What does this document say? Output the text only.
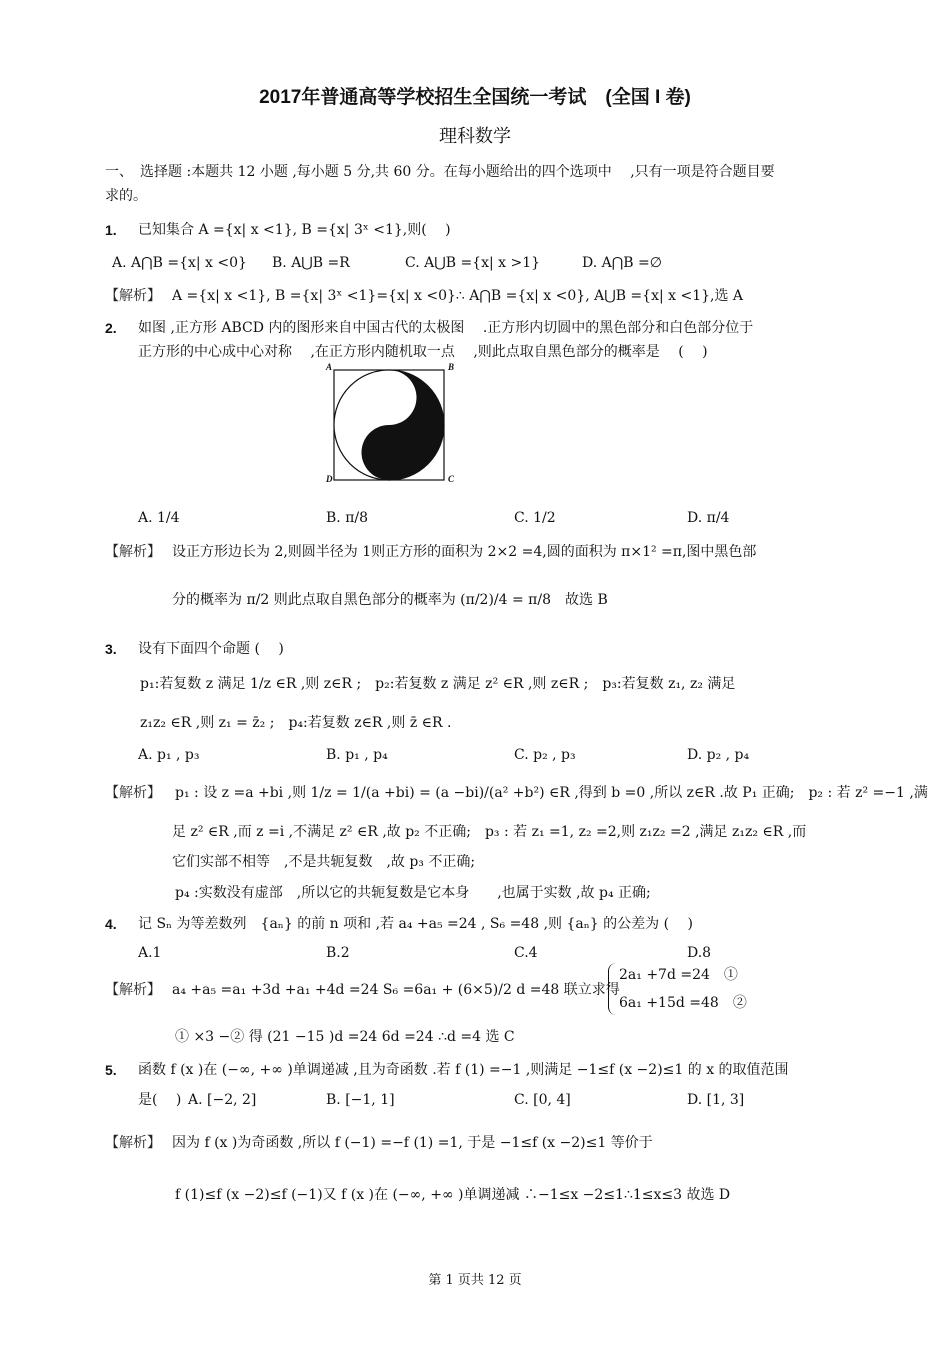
2017年普通高等学校招生全国统一考试　(全国 I 卷)
理科数学
一、　选择题 :本题共 12 小题 ,每小题 5 分,共 60 分。在每小题给出的四个选项中　 ,只有一项是符合题目要
求的。
1. 已知集合 A ={x| x <1}, B ={x| 3ˣ <1},则(　 )
A. A⋂B ={x| x <0} B. A⋃B =R	C. A⋃B ={x| x >1}	D. A⋂B =∅
【解析】 A ={x| x <1}, B ={x| 3ˣ <1}={x| x <0}∴ A⋂B ={x| x <0}, A⋃B ={x| x <1},选 A
2. 如图 ,正方形 ABCD 内的图形来自中国古代的太极图　 .正方形内切圆中的黑色部分和白色部分位于
正方形的中心成中心对称　 ,在正方形内随机取一点　 ,则此点取自黑色部分的概率是　 (　 )
A	B
D	C
A. 1/4	B. π/8	C. 1/2	D. π/4
【解析】 设正方形边长为 2,则圆半径为 1则正方形的面积为 2×2 =4,圆的面积为 π×1² =π,图中黑色部
分的概率为 π/2 则此点取自黑色部分的概率为 (π/2)/4 = π/8　故选 B
3. 设有下面四个命题 (　 )
p₁:若复数 z 满足 1/z ∈R ,则 z∈R ;　p₂:若复数 z 满足 z² ∈R ,则 z∈R ;　p₃:若复数 z₁, z₂ 满足
z₁z₂ ∈R ,则 z₁ = z̄₂ ;　p₄:若复数 z∈R ,则 z̄ ∈R .
A. p₁ , p₃	B. p₁ , p₄	C. p₂ , p₃	D. p₂ , p₄
【解析】 p₁ : 设 z =a +bi ,则 1/z = 1/(a +bi) = (a −bi)/(a² +b²) ∈R ,得到 b =0 ,所以 z∈R .故 P₁ 正确;　p₂ : 若 z² =−1 ,满
足 z² ∈R ,而 z =i ,不满足 z² ∈R ,故 p₂ 不正确;　p₃ : 若 z₁ =1, z₂ =2,则 z₁z₂ =2 ,满足 z₁z₂ ∈R ,而
它们实部不相等　,不是共轭复数　,故 p₃ 不正确;
p₄ :实数没有虚部　,所以它的共轭复数是它本身　　,也属于实数 ,故 p₄ 正确;
4. 记 Sₙ 为等差数列　{aₙ} 的前 n 项和 ,若 a₄ +a₅ =24 , S₆ =48 ,则 {aₙ} 的公差为 (　 )
A.1	B.2	C.4	D.8
【解析】 a₄ +a₅ =a₁ +3d +a₁ +4d =24 S₆ =6a₁ + (6×5)/2 d =48 联立求得
2a₁ +7d =24　①
6a₁ +15d =48　②
① ×3 −② 得 (21 −15 )d =24 6d =24 ∴d =4 选 C
5. 函数 f (x )在 (−∞, +∞ )单调递减 ,且为奇函数 .若 f (1) =−1 ,则满足 −1≤f (x −2)≤1 的 x 的取值范围
是(　 ) A. [−2, 2]	B. [−1, 1]	C. [0, 4]	D. [1, 3]
【解析】 因为 f (x )为奇函数 ,所以 f (−1) =−f (1) =1, 于是 −1≤f (x −2)≤1 等价于
f (1)≤f (x −2)≤f (−1)又 f (x )在 (−∞, +∞ )单调递减 ∴−1≤x −2≤1∴1≤x≤3 故选 D
第 1 页共 12 页
